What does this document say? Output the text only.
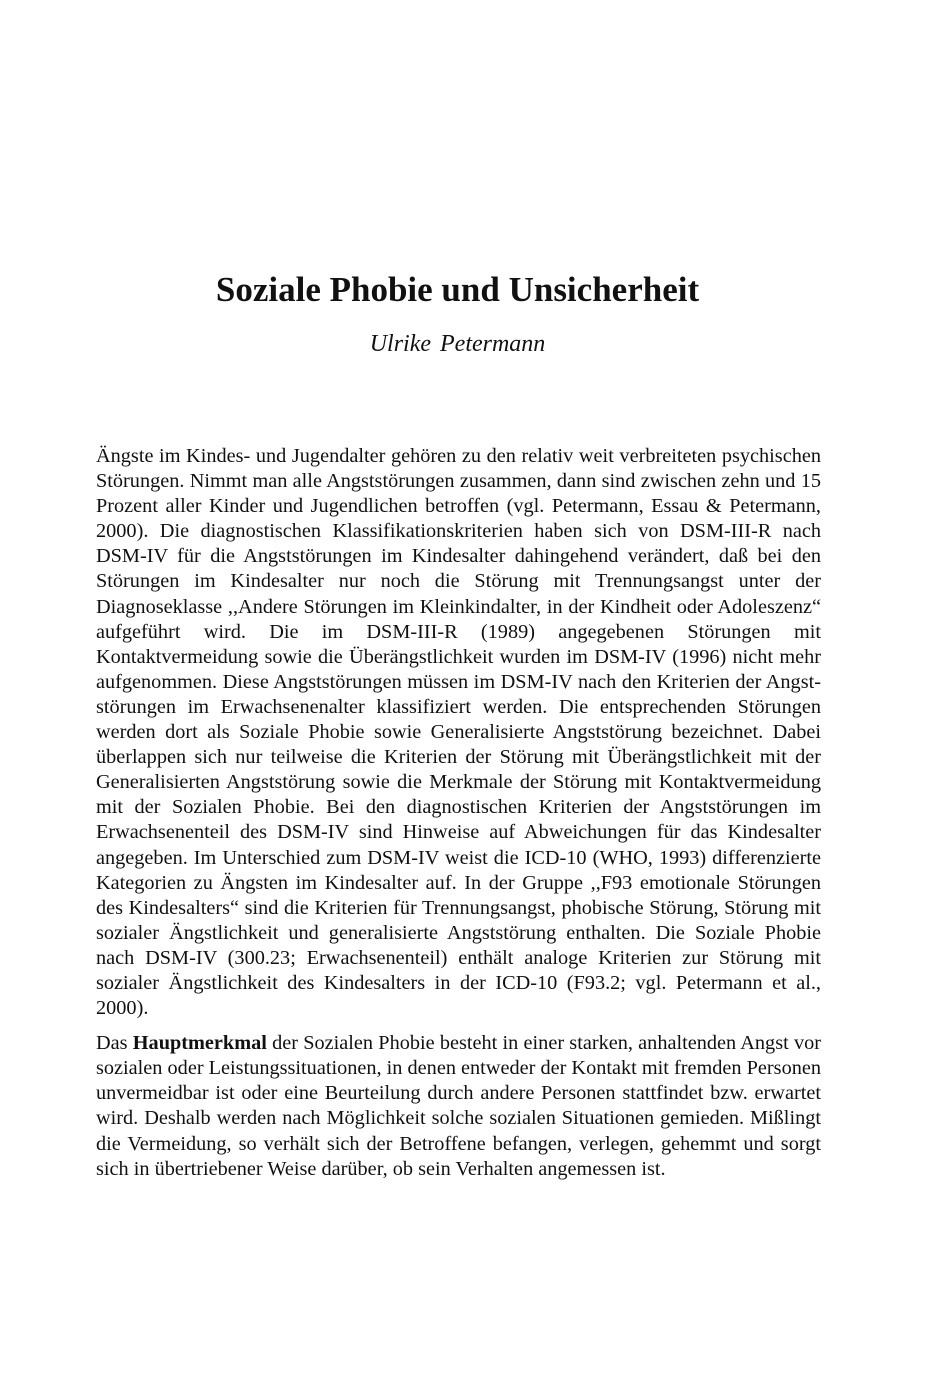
Soziale Phobie und Unsicherheit
Ulrike Petermann

Ängste im Kindes- und Jugendalter gehören zu den relativ weit verbreiteten psychischen Störungen. Nimmt man alle Angststörungen zusammen, dann sind zwischen zehn und 15 Prozent aller Kinder und Jugendlichen betroffen (vgl. Petermann, Essau & Petermann, 2000). Die diagnostischen Klassifikationskriterien haben sich von DSM-III-R nach DSM-IV für die Angststörungen im Kindesalter dahingehend verändert, daß bei den Störungen im Kindesalter nur noch die Störung mit Trennungsangst unter der Diagnoseklasse ,,Andere Störungen im Kleinkindalter, in der Kindheit oder Adoleszenz“ aufgeführt wird. Die im DSM-III-R (1989) angegebenen Störungen mit Kontaktvermeidung sowie die Überängstlichkeit wurden im DSM-IV (1996) nicht mehr aufgenommen. Diese Angststörungen müssen im DSM-IV nach den Kriterien der Angststörungen im Erwachsenenalter klassifiziert werden. Die entsprechenden Störungen werden dort als Soziale Phobie sowie Generalisierte Angststörung bezeichnet. Dabei überlappen sich nur teilweise die Kriterien der Störung mit Überängstlichkeit mit der Generalisierten Angststörung sowie die Merkmale der Störung mit Kontaktvermeidung mit der Sozialen Phobie. Bei den diagnostischen Kriterien der Angststörungen im Erwachsenenteil des DSM-IV sind Hinweise auf Abweichungen für das Kindesalter angegeben. Im Unterschied zum DSM-IV weist die ICD-10 (WHO, 1993) differenzierte Kategorien zu Ängsten im Kindesalter auf. In der Gruppe ,,F93 emotionale Störungen des Kindesalters“ sind die Kriterien für Trennungsangst, phobische Störung, Störung mit sozialer Ängstlichkeit und generalisierte Angststörung enthalten. Die Soziale Phobie nach DSM-IV (300.23; Erwachsenenteil) enthält analoge Kriterien zur Störung mit sozialer Ängstlichkeit des Kindesalters in der ICD-10 (F93.2; vgl. Petermann et al., 2000).

Das Hauptmerkmal der Sozialen Phobie besteht in einer starken, anhaltenden Angst vor sozialen oder Leistungssituationen, in denen entweder der Kontakt mit fremden Personen unvermeidbar ist oder eine Beurteilung durch andere Personen stattfindet bzw. erwartet wird. Deshalb werden nach Möglichkeit solche sozialen Situationen gemieden. Mißlingt die Vermeidung, so verhält sich der Betroffene befangen, verlegen, gehemmt und sorgt sich in übertriebener Weise darüber, ob sein Verhalten angemessen ist.
